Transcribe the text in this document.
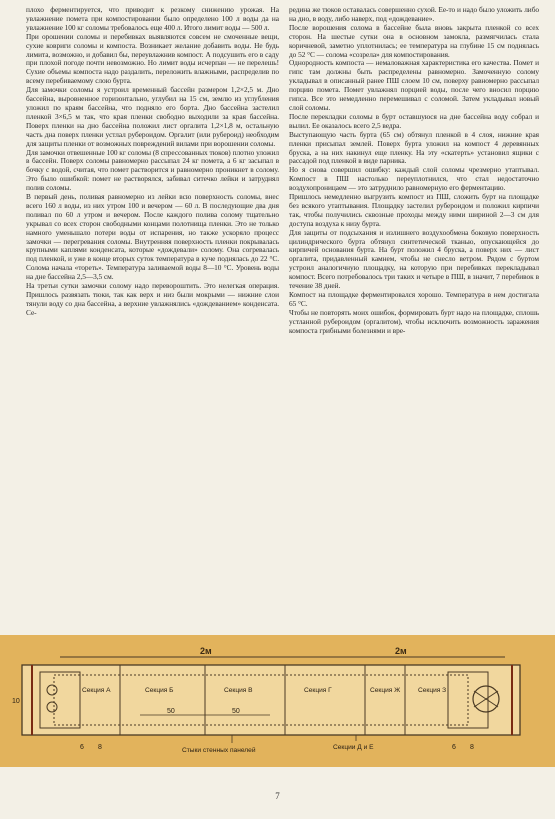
плохо ферментируется, что приводит к резкому снижению урожая. На увлажнение помета при компостировании было определено 100 л воды да на увлажнение 100 кг соломы требовалось еще 400 л. Итого лимит воды — 500 л.
При орошении соломы и перебивках выявляются совсем не смоченные вещи, сухие ковриги соломы и компоста. Возникает желание добавить воды. Не будь лимита, возможно, и добавил бы, переувлажнив компост. А подсушить его в саду при плохой погоде почти невозможно. Но лимит воды исчерпан — не перелешь! Сухие объемы компоста надо раздалить, переложить влажными, распределив по всему перебиваемому слою бурта.
Для замочки соломы я устроил временный бассейн размером 1,2×2,5 м. Дно бассейна, выровненное горизонтально, углубил на 15 см, землю из углубления уложил по краям бассейна, что поднялo его борта. Дно бассейна застелил пленкой 3×6,5 м так, что края пленки свободно выходили за края бассейна. Поверх пленки на дно бассейна положил лист оргалита 1,2×1,8 м, остальную часть дна поверх пленки устлал рубероидом. Оргалит (или рубероид) необходим для защиты пленки от возможных повреждений вилами при ворошении соломы.
Для замочки отвешенные 100 кг соломы (8 спрессованных тюков) плотно уложил в бассейн. Поверх соломы равномерно рассыпал 24 кг помета, а 6 кг засыпал в бочку с водой, считая, что помет растворится и равномерно проникнет в солому. Это было ошибкой: помет не растворялся, забивал ситечко лейки и затруднял полив соломы.
В первый день, поливая равномерно из лейки всю поверхность соломы, внес всего 160 л воды, из них утром 100 и вечером — 60 л. В последующие два дня поливал по 60 л утром и вечером. После каждого полива солому тщательно укрывал со всех сторон свободными концами полотнища пленки. Это не только намного уменьшало потери воды от испарения, но также ускоряло процесс замочки — перегревания соломы. Внутренняя поверхность пленки покрывалась крупными каплями конденсата, которые «дождевали» солому. Она согревалась под пленкой, и уже в конце вторых суток температура в куче поднялась до 22 °C. Солома начала «тореть». Температура заливаемой воды 8—10 °C. Уровень воды на дне бассейна 2,5—3,5 см.
На третьи сутки замочки солому надо перевороштить. Это нелегкая операция. Пришлось развязать тюки, так как верх и низ были мокрыми — нижние слои тянули воду со дна бассейна, а верхние увлажнялись «дождеванием» конденсата. Се-
редина же тюков оставалась совершенно сухой. Ее-то и надо было уложить либо на дно, в воду, либо наверх, под «дождевание».
После ворошения солома в бассейне была вновь закрыта пленкой со всех сторон. На шестые сутки она в основном замокла, размягчилась стала коричневой, заметно уплотнилась; ее температура на глубине 15 см поднялась до 52 °C — солома «созрела» для компостирования.
Однородность компоста — немаловажная характеристика его качества. Помет и гипс там должны быть распределены равномерно. Замоченную солому укладывал в описанный ранее ПШ слоем 10 см, поверху равномерно рассыпал порцию помета. Помет увлажнял порцией воды, после чего вносил порцию гипса. Все это немедленно перемешивал с соломой. Затем укладывал новый слой соломы.
После перекладки соломы в бурт оставшуюся на дне бассейна воду собрал и вылил. Ее оказалось всего 2,5 ведра.
Выступающую часть бурта (65 см) обтянул пленкой в 4 слоя, нижние края пленки присыпал землей. Поверх бурта уложил на компост 4 деревянных бруска, а на них накинул еще пленку. На эту «скатерть» установил ящики с рассадой под пленкой в виде парника.
Но я снова совершил ошибку: каждый слой соломы чрезмерно утаптывал. Компост в ПШ настолько переуплотнился, что стал недостаточно воздухопроницаем — это затруднило равномерную его ферментацию.
Пришлось немедленно выгрузить компост из ПШ, сложить бурт на площадке без всякого утаптывания. Площадку застелил рубероидом и положил кирпичи так, чтобы получились сквозные проходы между ними шириной 2—3 см для доступа воздуха к низу бурта.
Для защиты от подсыхания и излишнего воздухообмена боковую поверхность цилиндрического бурта обтянул синтетической тканью, опускающейся до кирпичей основания бурта. На бурт положил 4 бруска, а поверх них — лист оргалита, придавленный камнем, чтобы не снесло ветром. Рядом с буртом устроил аналогичную площадку, на которую при перебивках перекладывал компост. Всего потребовалось три таких и четыре в ПШ, в значит, 7 перебивок в течение 38 дней.
Компост на площадке ферментировался хорошо. Температура в нем достигала 65 °C.
Чтобы не повторять моих ошибок, формировать бурт надо на площадке, сплошь устланной рубероидом (оргалитом), чтобы исключить возможность заражения компоста грибными болезнями и вре-
2м	2м
Секция А	Секция Б	Секция В	Секция Г	Секция Ж	Секция З
10
50	50
6 8	6 8
Стыки стенных панелей	Секции Д и Е
7
